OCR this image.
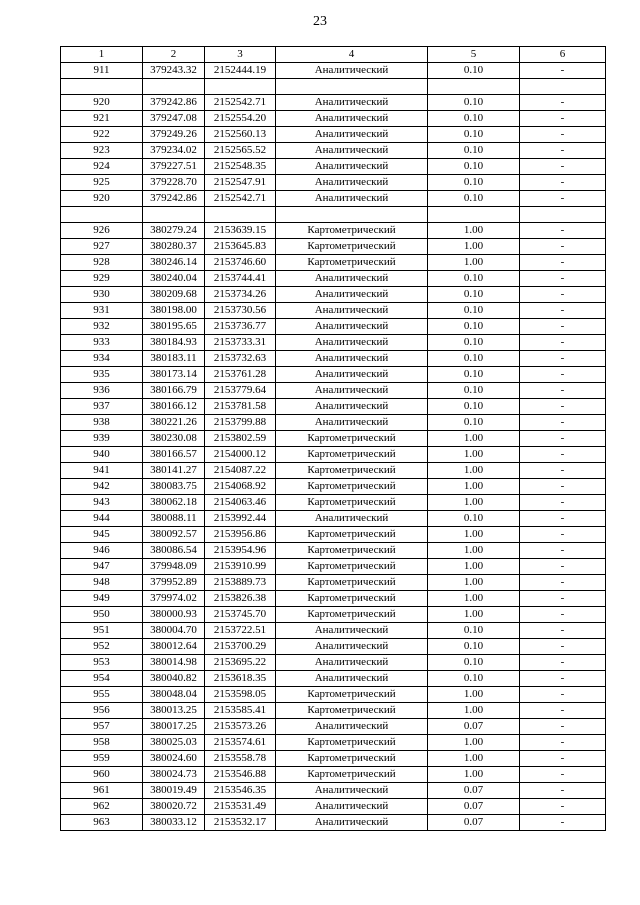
23
1	2	3	4	5	6
911	379243.32	2152444.19	Аналитический	0.10	-

920	379242.86	2152542.71	Аналитический	0.10	-
921	379247.08	2152554.20	Аналитический	0.10	-
922	379249.26	2152560.13	Аналитический	0.10	-
923	379234.02	2152565.52	Аналитический	0.10	-
924	379227.51	2152548.35	Аналитический	0.10	-
925	379228.70	2152547.91	Аналитический	0.10	-
920	379242.86	2152542.71	Аналитический	0.10	-

926	380279.24	2153639.15	Картометрический	1.00	-
927	380280.37	2153645.83	Картометрический	1.00	-
928	380246.14	2153746.60	Картометрический	1.00	-
929	380240.04	2153744.41	Аналитический	0.10	-
930	380209.68	2153734.26	Аналитический	0.10	-
931	380198.00	2153730.56	Аналитический	0.10	-
932	380195.65	2153736.77	Аналитический	0.10	-
933	380184.93	2153733.31	Аналитический	0.10	-
934	380183.11	2153732.63	Аналитический	0.10	-
935	380173.14	2153761.28	Аналитический	0.10	-
936	380166.79	2153779.64	Аналитический	0.10	-
937	380166.12	2153781.58	Аналитический	0.10	-
938	380221.26	2153799.88	Аналитический	0.10	-
939	380230.08	2153802.59	Картометрический	1.00	-
940	380166.57	2154000.12	Картометрический	1.00	-
941	380141.27	2154087.22	Картометрический	1.00	-
942	380083.75	2154068.92	Картометрический	1.00	-
943	380062.18	2154063.46	Картометрический	1.00	-
944	380088.11	2153992.44	Аналитический	0.10	-
945	380092.57	2153956.86	Картометрический	1.00	-
946	380086.54	2153954.96	Картометрический	1.00	-
947	379948.09	2153910.99	Картометрический	1.00	-
948	379952.89	2153889.73	Картометрический	1.00	-
949	379974.02	2153826.38	Картометрический	1.00	-
950	380000.93	2153745.70	Картометрический	1.00	-
951	380004.70	2153722.51	Аналитический	0.10	-
952	380012.64	2153700.29	Аналитический	0.10	-
953	380014.98	2153695.22	Аналитический	0.10	-
954	380040.82	2153618.35	Аналитический	0.10	-
955	380048.04	2153598.05	Картометрический	1.00	-
956	380013.25	2153585.41	Картометрический	1.00	-
957	380017.25	2153573.26	Аналитический	0.07	-
958	380025.03	2153574.61	Картометрический	1.00	-
959	380024.60	2153558.78	Картометрический	1.00	-
960	380024.73	2153546.88	Картометрический	1.00	-
961	380019.49	2153546.35	Аналитический	0.07	-
962	380020.72	2153531.49	Аналитический	0.07	-
963	380033.12	2153532.17	Аналитический	0.07	-
